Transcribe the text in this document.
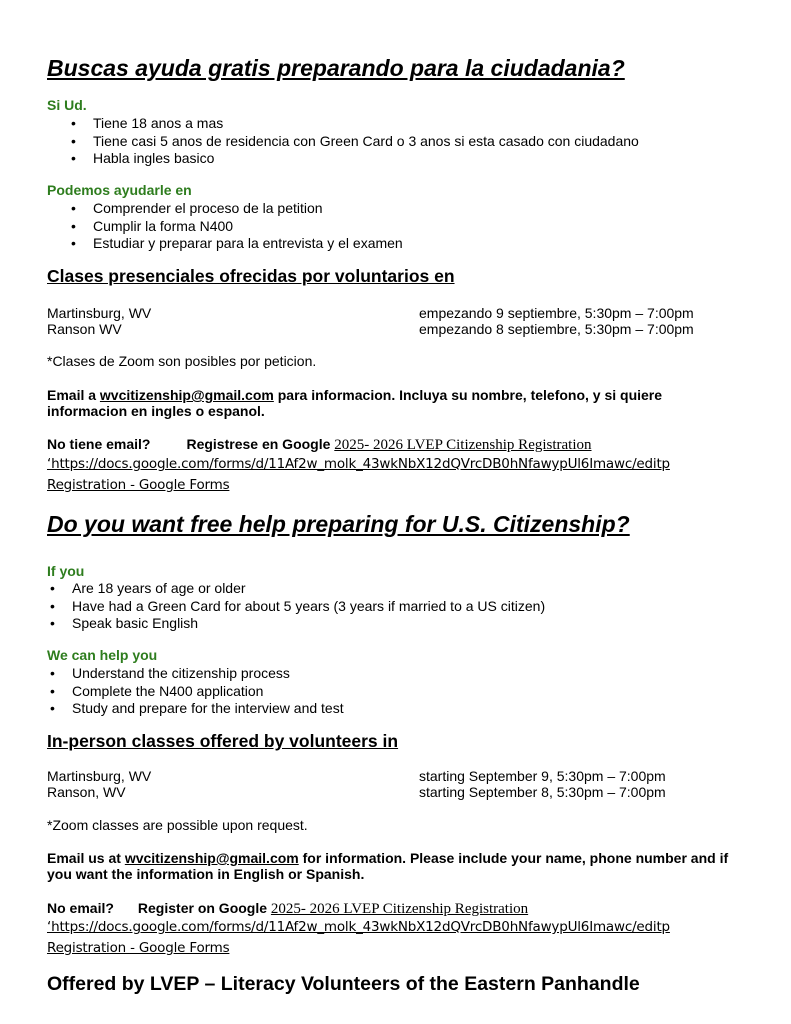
Buscas ayuda gratis preparando para la ciudadania?
Si Ud.
• Tiene 18 anos a mas
• Tiene casi 5 anos de residencia con Green Card o 3 anos si esta casado con ciudadano
• Habla ingles basico
Podemos ayudarle en
• Comprender el proceso de la petition
• Cumplir la forma N400
• Estudiar y preparar para la entrevista y el examen
Clases presenciales ofrecidas por voluntarios en
Martinsburg, WV	empezando 9 septiembre, 5:30pm – 7:00pm
Ranson WV	empezando 8 septiembre, 5:30pm – 7:00pm
*Clases de Zoom son posibles por peticion.
Email a wvcitizenship@gmail.com para informacion. Incluya su nombre, telefono, y si quiere
informacion en ingles o espanol.
No tiene email?	Registrese en Google 2025- 2026 LVEP Citizenship Registration
‘https://docs.google.com/forms/d/11Af2w_molk_43wkNbX12dQVrcDB0hNfawypUl6Imawc/editp
Registration - Google Forms
Do you want free help preparing for U.S. Citizenship?
If you
• Are 18 years of age or older
• Have had a Green Card for about 5 years (3 years if married to a US citizen)
• Speak basic English
We can help you
• Understand the citizenship process
• Complete the N400 application
• Study and prepare for the interview and test
In-person classes offered by volunteers in
Martinsburg, WV	starting September 9, 5:30pm – 7:00pm
Ranson, WV	starting September 8, 5:30pm – 7:00pm
*Zoom classes are possible upon request.
Email us at wvcitizenship@gmail.com for information. Please include your name, phone number and if
you want the information in English or Spanish.
No email? Register on Google 2025- 2026 LVEP Citizenship Registration
‘https://docs.google.com/forms/d/11Af2w_molk_43wkNbX12dQVrcDB0hNfawypUl6Imawc/editp
Registration - Google Forms
Offered by LVEP – Literacy Volunteers of the Eastern Panhandle
